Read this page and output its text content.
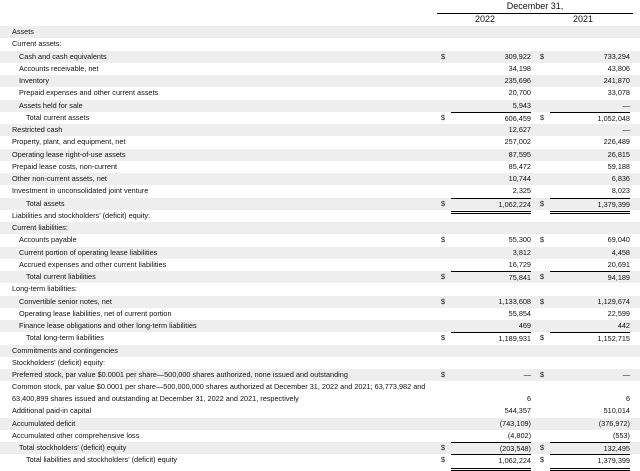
December 31,
2022	2021
Assets
Current assets:
Cash and cash equivalents	$	309,922 $	733,294
Accounts receivable, net	34,198	43,806
Inventory	235,696	241,870
Prepaid expenses and other current assets	20,700	33,078
Assets held for sale	5,943	—
Total current assets	$	606,459 $	1,052,048
Restricted cash	12,627	—
Property, plant, and equipment, net	257,002	226,489
Operating lease right-of-use assets	87,595	26,815
Prepaid lease costs, non-current	85,472	59,188
Other non-current assets, net	10,744	6,836
Investment in unconsolidated joint venture	2,325	8,023
Total assets	$	1,062,224 $	1,379,399
Liabilities and stockholders' (deficit) equity:
Current liabilities:
Accounts payable	$	55,300 $	69,040
Current portion of operating lease liabilities	3,812	4,458
Accrued expenses and other current liabilities	16,729	20,691
Total current liabilities	$	75,841 $	94,189
Long-term liabilities:
Convertible senior notes, net	$	1,133,608 $	1,129,674
Operating lease liabilities, net of current portion	55,854	22,599
Finance lease obligations and other long-term liabilities	469	442
Total long-term liabilities	$	1,189,931 $	1,152,715
Commitments and contingencies
Stockholders' (deficit) equity:
Preferred stock, par value $0.0001 per share—500,000 shares authorized, none issued and outstanding	$	— $	—
Common stock, par value $0.0001 per share—500,000,000 shares authorized at December 31, 2022 and 2021; 63,773,982 and 63,400,899 shares issued and outstanding at December 31, 2022 and 2021, respectively	6	6
Additional paid-in capital	544,357	510,014
Accumulated deficit	(743,109)	(376,972)
Accumulated other comprehensive loss	(4,802)	(553)
Total stockholders' (deficit) equity	$	(203,548) $	132,495
Total liabilities and stockholders' (deficit) equity	$	1,062,224 $	1,379,399
